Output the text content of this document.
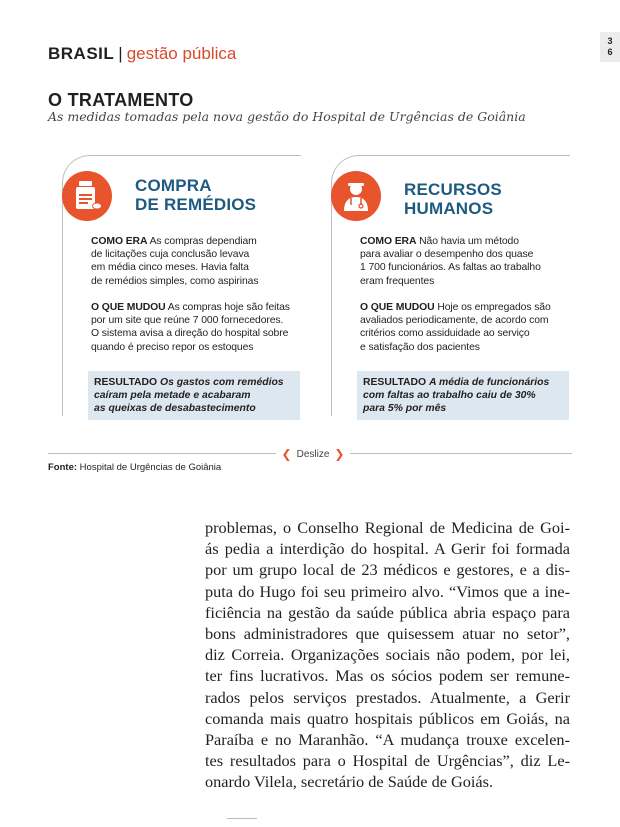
BRASIL | gestão pública
3
6
O TRATAMENTO
As medidas tomadas pela nova gestão do Hospital de Urgências de Goiânia
COMPRA
DE REMÉDIOS
COMO ERA As compras dependiam
de licitações cuja conclusão levava
em média cinco meses. Havia falta
de remédios simples, como aspirinas
O QUE MUDOU As compras hoje são feitas
por um site que reúne 7 000 fornecedores.
O sistema avisa a direção do hospital sobre
quando é preciso repor os estoques
RESULTADO Os gastos com remédios
caíram pela metade e acabaram
as queixas de desabastecimento
RECURSOS
HUMANOS
COMO ERA Não havia um método
para avaliar o desempenho dos quase
1 700 funcionários. As faltas ao trabalho
eram frequentes
O QUE MUDOU Hoje os empregados são
avaliados periodicamente, de acordo com
critérios como assiduidade ao serviço
e satisfação dos pacientes
RESULTADO A média de funcionários
com faltas ao trabalho caiu de 30%
para 5% por mês
❮ Deslize ❯
Fonte: Hospital de Urgências de Goiânia
problemas, o Conselho Regional de Medicina de Goi-
ás pedia a interdição do hospital. A Gerir foi formada
por um grupo local de 23 médicos e gestores, e a dis-
puta do Hugo foi seu primeiro alvo. “Vimos que a ine-
ficiência na gestão da saúde pública abria espaço para
bons administradores que quisessem atuar no setor”,
diz Correia. Organizações sociais não podem, por lei,
ter fins lucrativos. Mas os sócios podem ser remune-
rados pelos serviços prestados. Atualmente, a Gerir
comanda mais quatro hospitais públicos em Goiás, na
Paraíba e no Maranhão. “A mudança trouxe excelen-
tes resultados para o Hospital de Urgências”, diz Le-
onardo Vilela, secretário de Saúde de Goiás.
